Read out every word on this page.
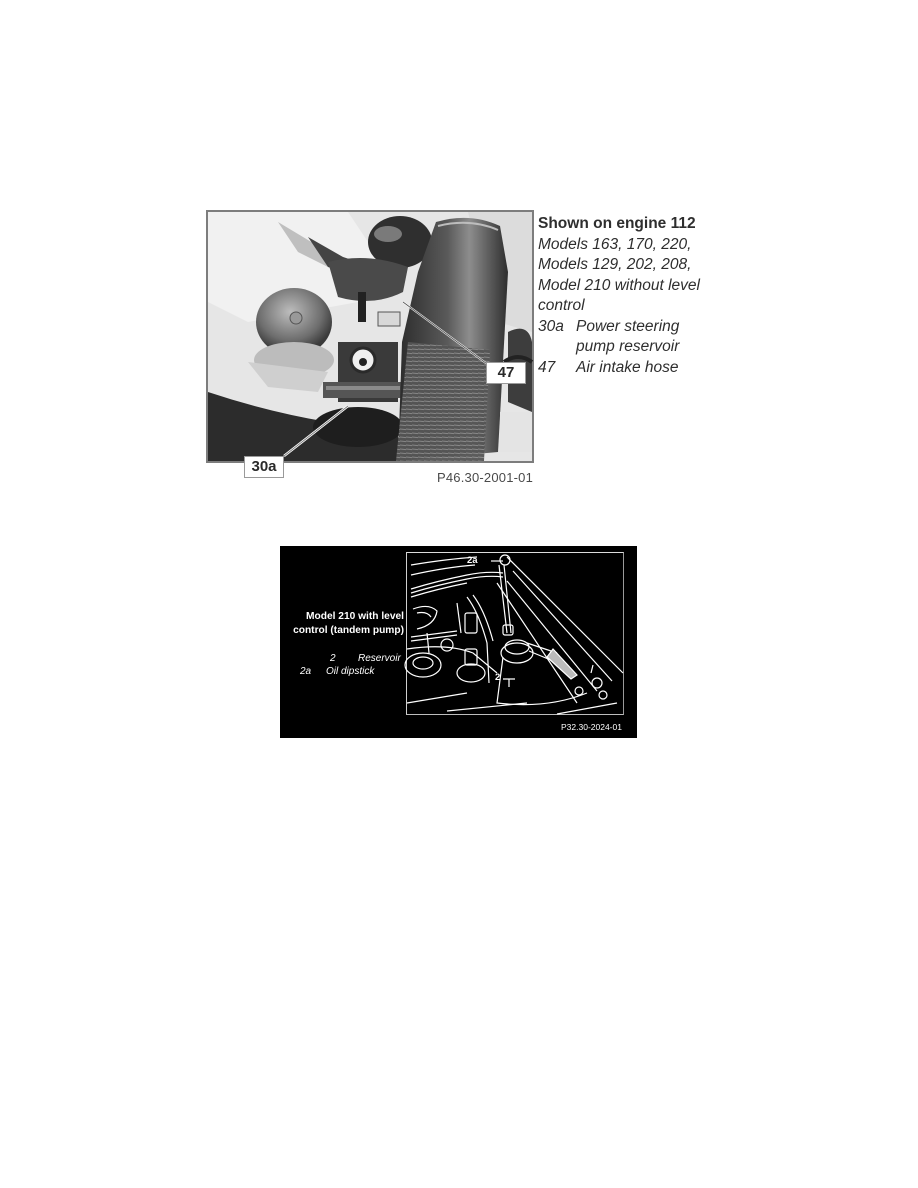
30a
47
Shown on engine 112
Models 163, 170, 220,
Models 129, 202, 208,
Model 210 without level
control
30a Power steering
pump reservoir
47	Air intake hose
P46.30-2001-01
Model 210 with level
control (tandem pump)
2 Reservoir
2a Oil dipstick
2a
2
P32.30-2024-01
